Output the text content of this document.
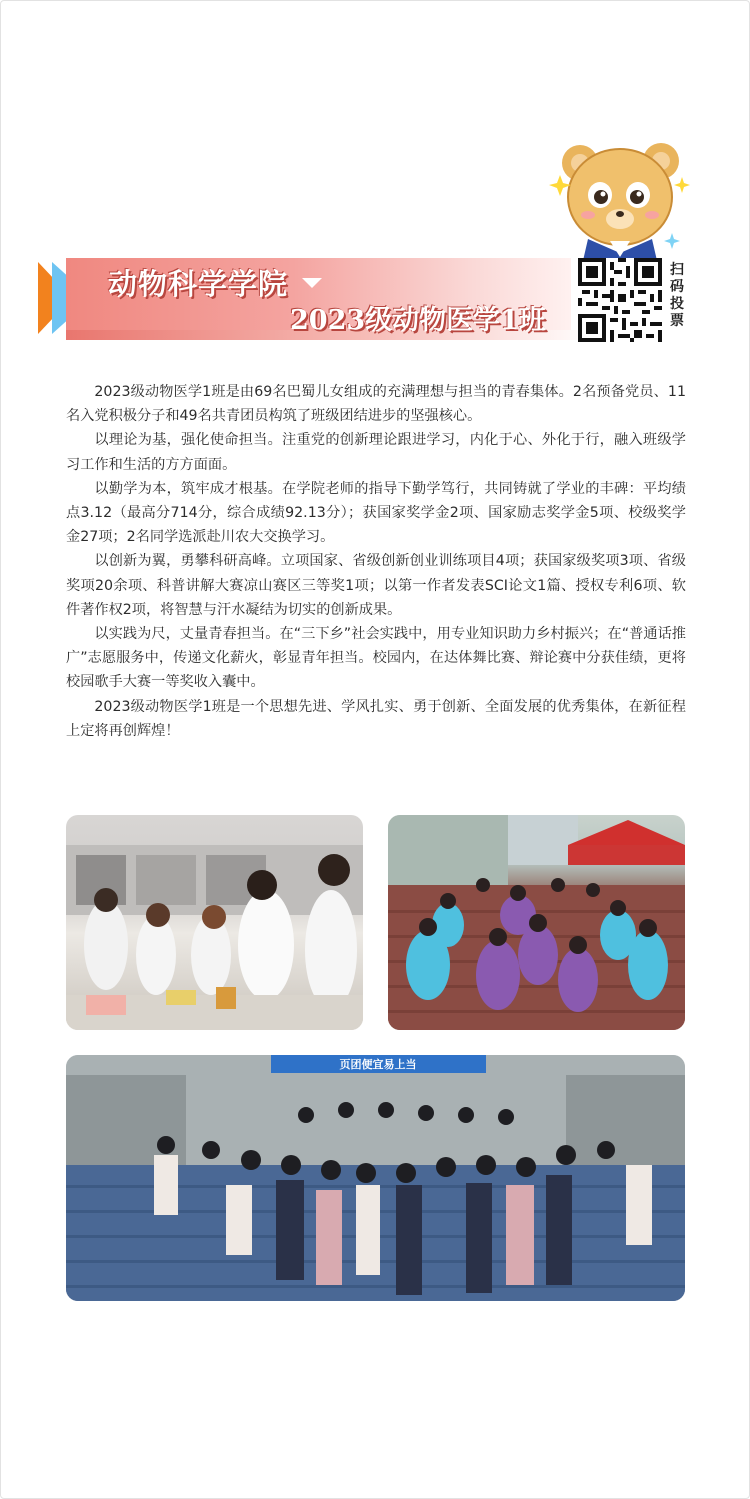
动物科学学院
2023级动物医学1班
扫
码
投
票

2023级动物医学1班是由69名巴蜀儿女组成的充满理想与担当的青春集体。2名预备党员、11名入党积极分子和49名共青团员构筑了班级团结进步的坚强核心。

以理论为基，强化使命担当。注重党的创新理论跟进学习，内化于心、外化于行，融入班级学习工作和生活的方方面面。

以勤学为本，筑牢成才根基。在学院老师的指导下勤学笃行，共同铸就了学业的丰碑：平均绩点3.12（最高分714分，综合成绩92.13分）；获国家奖学金2项、国家励志奖学金5项、校级奖学金27项；2名同学选派赴川农大交换学习。

以创新为翼，勇攀科研高峰。立项国家、省级创新创业训练项目4项；获国家级奖项3项、省级奖项20余项、科普讲解大赛凉山赛区三等奖1项；以第一作者发表SCI论文1篇、授权专利6项、软件著作权2项，将智慧与汗水凝结为切实的创新成果。

以实践为尺，丈量青春担当。在“三下乡”社会实践中，用专业知识助力乡村振兴；在“普通话推广”志愿服务中，传递文化薪火，彰显青年担当。校园内，在达体舞比赛、辩论赛中分获佳绩，更将校园歌手大赛一等奖收入囊中。

2023级动物医学1班是一个思想先进、学风扎实、勇于创新、全面发展的优秀集体，在新征程上定将再创辉煌！

页团便宜易上当
